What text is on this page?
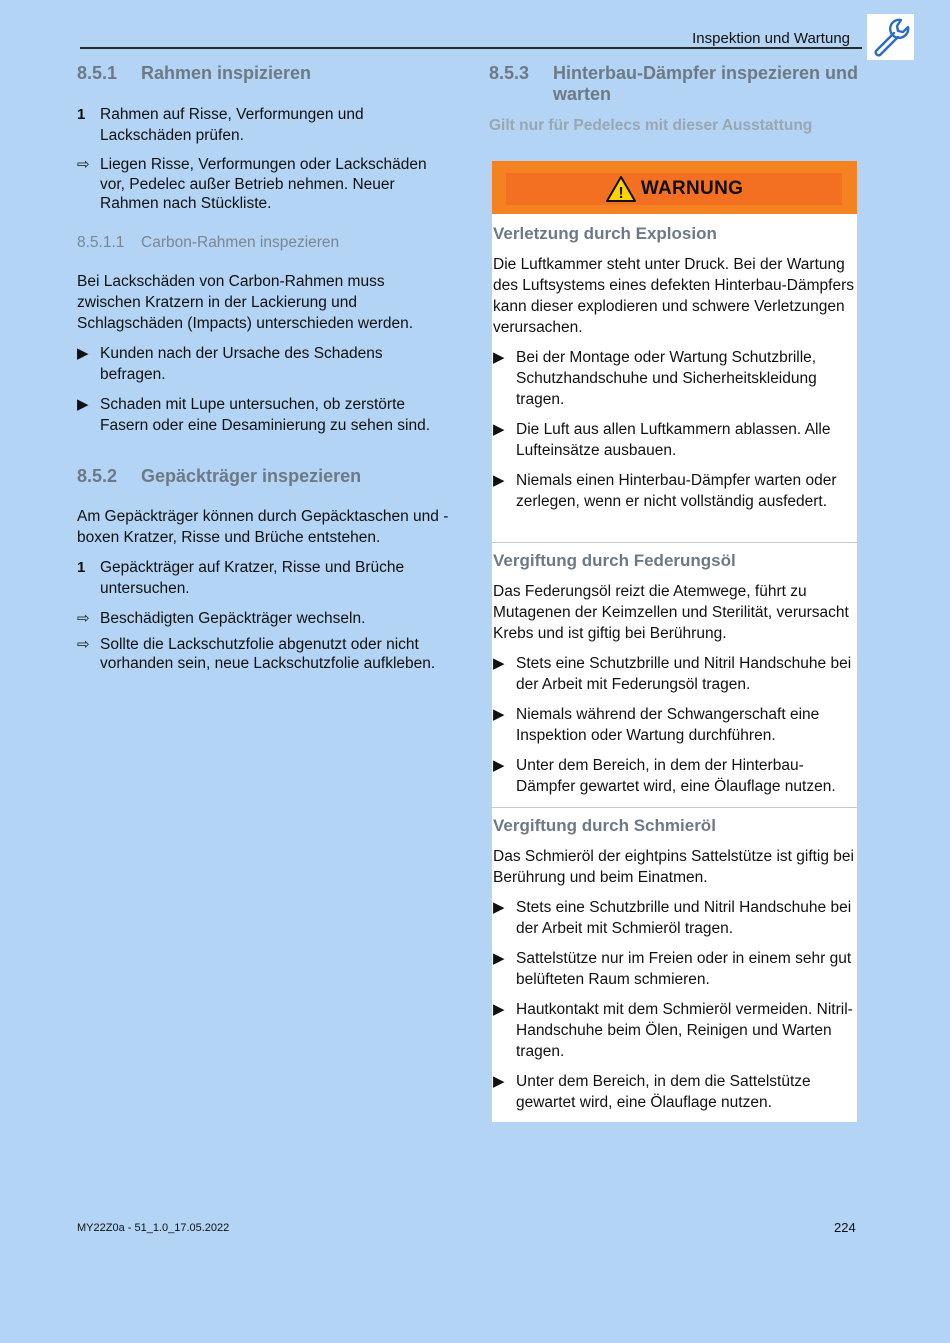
Inspektion und Wartung
8.5.1	Rahmen inspizieren
1 Rahmen auf Risse, Verformungen und Lackschäden prüfen.
⇨ Liegen Risse, Verformungen oder Lackschäden vor, Pedelec außer Betrieb nehmen. Neuer Rahmen nach Stückliste.
8.5.1.1	Carbon-Rahmen inspezieren

Bei Lackschäden von Carbon-Rahmen muss zwischen Kratzern in der Lackierung und Schlagschäden (Impacts) unterschieden werden.

▶ Kunden nach der Ursache des Schadens befragen.
▶ Schaden mit Lupe untersuchen, ob zerstörte Fasern oder eine Desaminierung zu sehen sind.
8.5.2	Gepäckträger inspezieren

Am Gepäckträger können durch Gepäcktaschen und -boxen Kratzer, Risse und Brüche entstehen.

1 Gepäckträger auf Kratzer, Risse und Brüche untersuchen.
⇨ Beschädigten Gepäckträger wechseln.
⇨ Sollte die Lackschutzfolie abgenutzt oder nicht vorhanden sein, neue Lackschutzfolie aufkleben.
8.5.3	Hinterbau-Dämpfer inspezieren und
warten
Gilt nur für Pedelecs mit dieser Ausstattung
! WARNUNG
Verletzung durch Explosion

Die Luftkammer steht unter Druck. Bei der Wartung des Luftsystems eines defekten Hinterbau-Dämpfers kann dieser explodieren und schwere Verletzungen verursachen.

▶ Bei der Montage oder Wartung Schutzbrille, Schutzhandschuhe und Sicherheitskleidung tragen.
▶ Die Luft aus allen Luftkammern ablassen. Alle Lufteinsätze ausbauen.
▶ Niemals einen Hinterbau-Dämpfer warten oder zerlegen, wenn er nicht vollständig ausfedert.
Vergiftung durch Federungsöl

Das Federungsöl reizt die Atemwege, führt zu Mutagenen der Keimzellen und Sterilität, verursacht Krebs und ist giftig bei Berührung.

▶ Stets eine Schutzbrille und Nitril Handschuhe bei der Arbeit mit Federungsöl tragen.
▶ Niemals während der Schwangerschaft eine Inspektion oder Wartung durchführen.
▶ Unter dem Bereich, in dem der Hinterbau-Dämpfer gewartet wird, eine Ölauflage nutzen.
Vergiftung durch Schmieröl

Das Schmieröl der eightpins Sattelstütze ist giftig bei Berührung und beim Einatmen.

▶ Stets eine Schutzbrille und Nitril Handschuhe bei der Arbeit mit Schmieröl tragen.
▶ Sattelstütze nur im Freien oder in einem sehr gut belüfteten Raum schmieren.
▶ Hautkontakt mit dem Schmieröl vermeiden. Nitril-Handschuhe beim Ölen, Reinigen und Warten tragen.
▶ Unter dem Bereich, in dem die Sattelstütze gewartet wird, eine Ölauflage nutzen.
MY22Z0a - 51_1.0_17.05.2022	224
